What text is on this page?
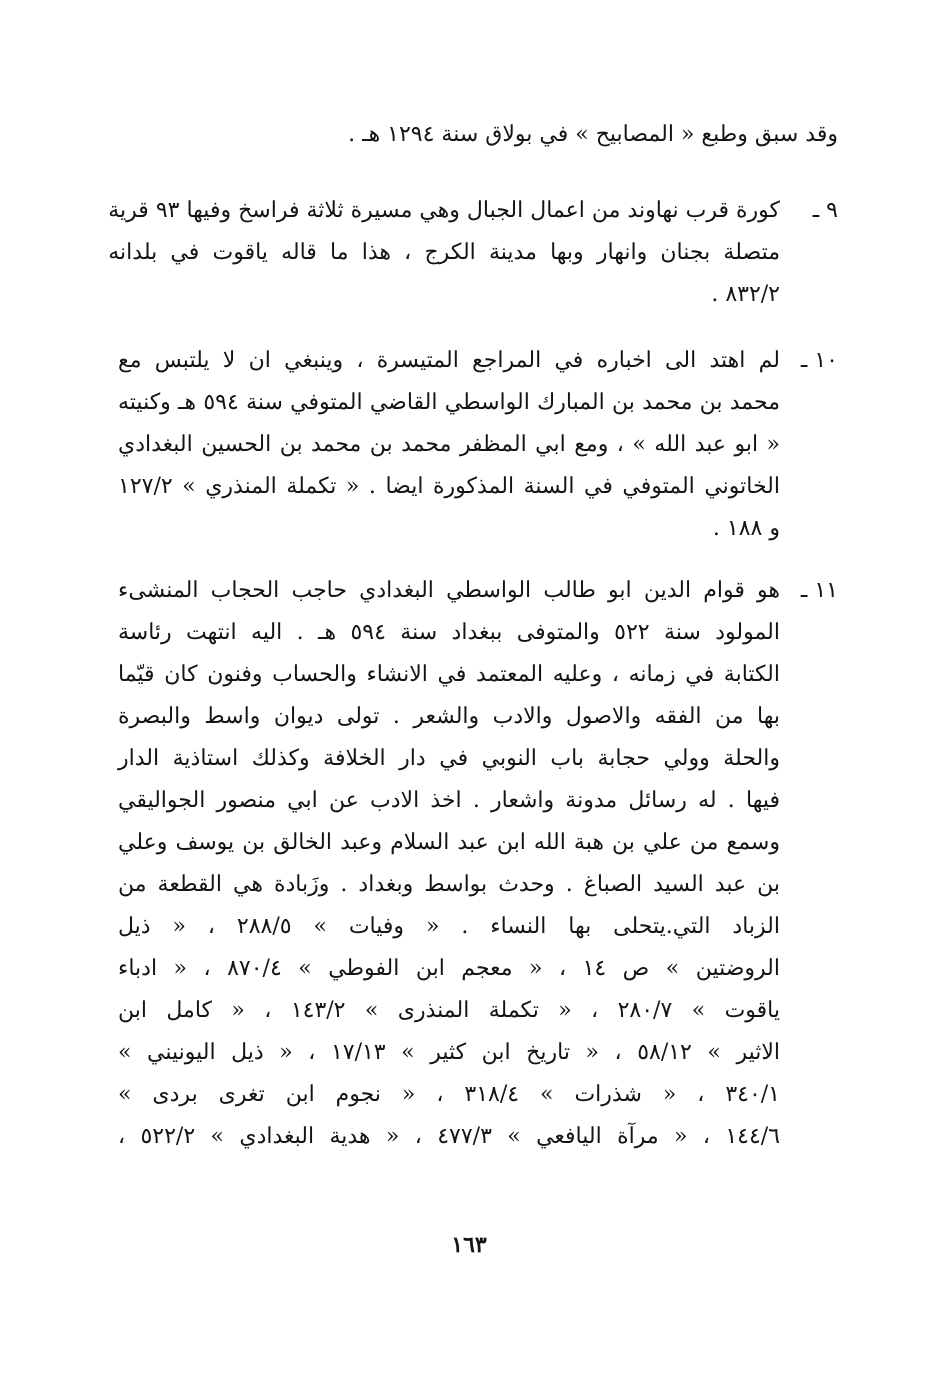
وقد سبق وطبع « المصابيح » في بولاق سنة ١٢٩٤ هـ .
٩ ـ
كورة قرب نهاوند من اعمال الجبال وهي مسيرة ثلاثة فراسخ وفيها ٩٣ قرية
متصلة بجنان وانهار وبها مدينة الكرج ، هذا ما قاله ياقوت في بلدانه
٨٣٢/٢ .
١٠ ـ
لم اهتد الى اخباره في المراجع المتيسرة ، وينبغي ان لا يلتبس مع
محمد بن محمد بن المبارك الواسطي القاضي المتوفي سنة ٥٩٤ هـ وكنيته
« ابو عبد الله » ، ومع ابي المظفر محمد بن محمد بن الحسين البغدادي
الخاتوني المتوفي في السنة المذكورة ايضا . « تكملة المنذري » ١٢٧/٢
و ١٨٨ .
١١ ـ
هو قوام الدين ابو طالب الواسطي البغدادي حاجب الحجاب المنشىء
المولود سنة ٥٢٢ والمتوفى ببغداد سنة ٥٩٤ هـ . اليه انتهت رئاسة
الكتابة في زمانه ، وعليه المعتمد في الانشاء والحساب وفنون كان قيّما
بها من الفقه والاصول والادب والشعر . تولى ديوان واسط والبصرة
والحلة وولي حجابة باب النوبي في دار الخلافة وكذلك استاذية الدار
فيها . له رسائل مدونة واشعار . اخذ الادب عن ابي منصور الجواليقي
وسمع من علي بن هبة الله ابن عبد السلام وعبد الخالق بن يوسف وعلي
بن عبد السيد الصباغ . وحدث بواسط وبغداد . وزَبادة هي القطعة من
الزباد التي.يتحلى بها النساء . « وفيات » ٢٨٨/٥ ، « ذيل
الروضتين » ص ١٤ ، « معجم ابن الفوطي » ٨٧٠/٤ ، « ادباء
ياقوت » ٢٨٠/٧ ، « تكملة المنذرى » ١٤٣/٢ ، « كامل ابن
الاثير » ٥٨/١٢ ، « تاريخ ابن كثير » ١٧/١٣ ، « ذيل اليونيني »
٣٤٠/١ ، « شذرات » ٣١٨/٤ ، « نجوم ابن تغرى بردى »
١٤٤/٦ ، « مرآة اليافعي » ٤٧٧/٣ ، « هدية البغدادي » ٥٢٢/٢ ،
١٦٣
